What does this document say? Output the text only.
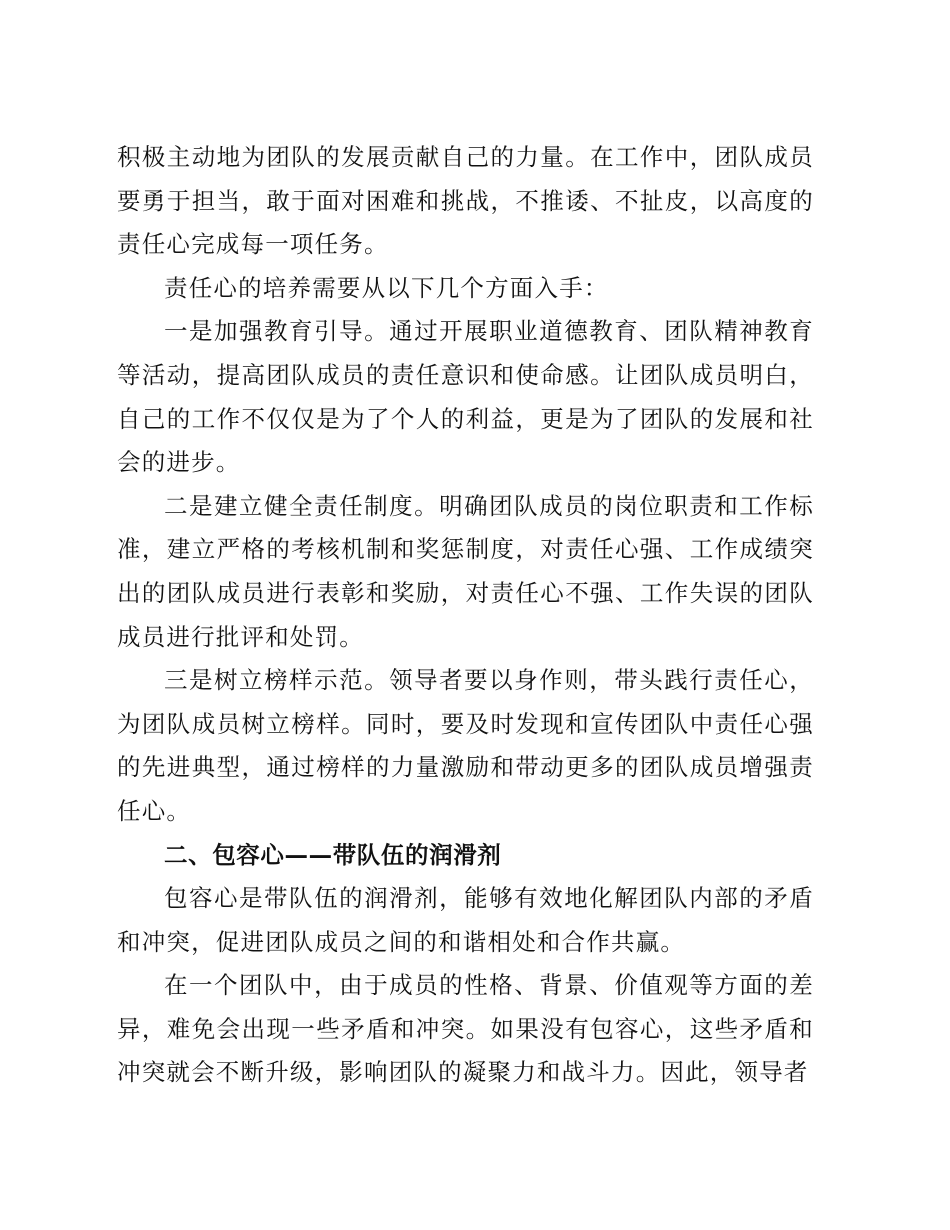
积极主动地为团队的发展贡献自己的力量。在工作中，团队成员要勇于担当，敢于面对困难和挑战，不推诿、不扯皮，以高度的责任心完成每一项任务。

责任心的培养需要从以下几个方面入手：

一是加强教育引导。通过开展职业道德教育、团队精神教育等活动，提高团队成员的责任意识和使命感。让团队成员明白，自己的工作不仅仅是为了个人的利益，更是为了团队的发展和社会的进步。

二是建立健全责任制度。明确团队成员的岗位职责和工作标准，建立严格的考核机制和奖惩制度，对责任心强、工作成绩突出的团队成员进行表彰和奖励，对责任心不强、工作失误的团队成员进行批评和处罚。

三是树立榜样示范。领导者要以身作则，带头践行责任心，为团队成员树立榜样。同时，要及时发现和宣传团队中责任心强的先进典型，通过榜样的力量激励和带动更多的团队成员增强责任心。

二、包容心——带队伍的润滑剂

包容心是带队伍的润滑剂，能够有效地化解团队内部的矛盾和冲突，促进团队成员之间的和谐相处和合作共赢。

在一个团队中，由于成员的性格、背景、价值观等方面的差异，难免会出现一些矛盾和冲突。如果没有包容心，这些矛盾和冲突就会不断升级，影响团队的凝聚力和战斗力。因此，领导者
